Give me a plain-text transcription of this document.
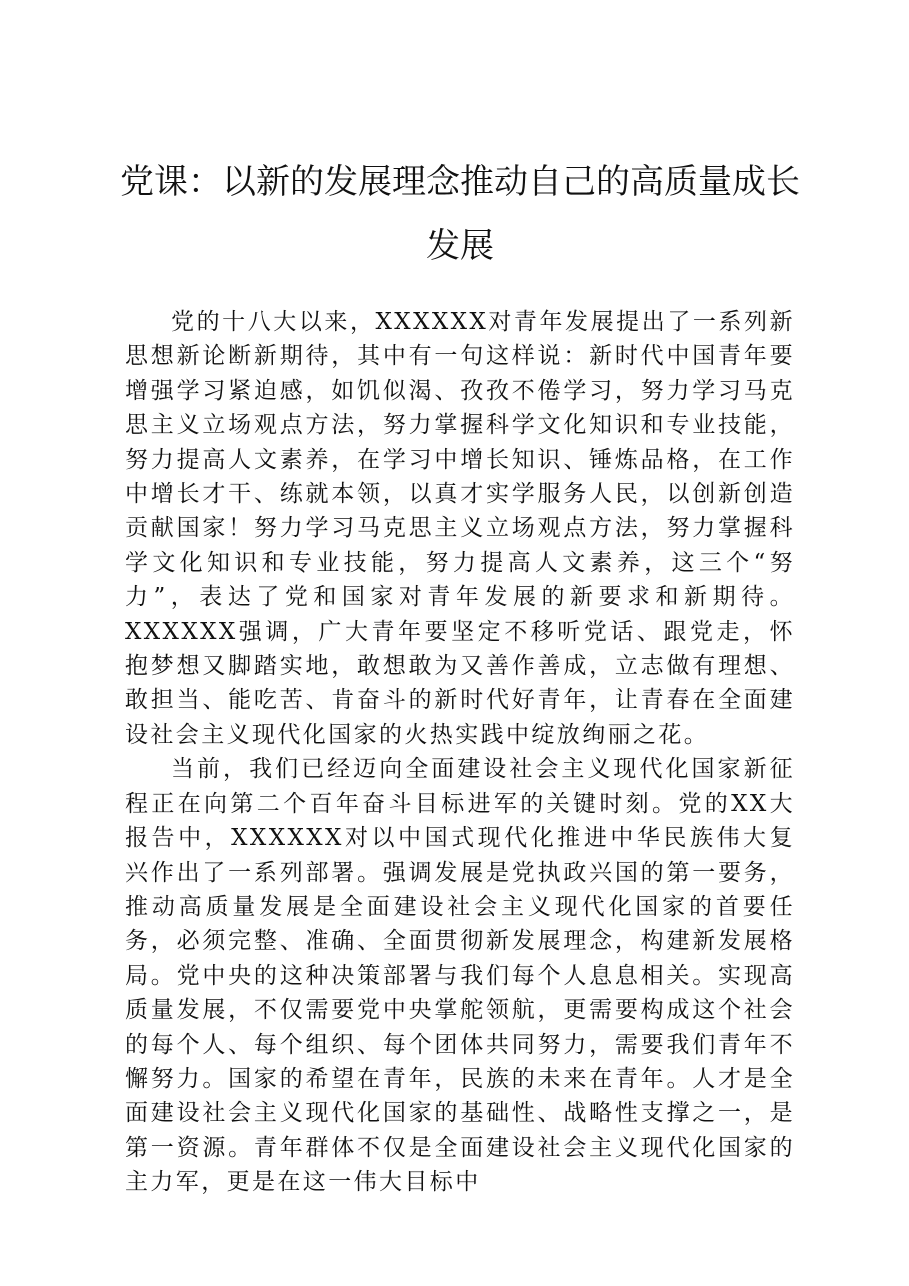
党课：以新的发展理念推动自己的高质量成长
发展

党的十八大以来，XXXXXX对青年发展提出了一系列新思想新论断新期待，其中有一句这样说：新时代中国青年要增强学习紧迫感，如饥似渴、孜孜不倦学习，努力学习马克思主义立场观点方法，努力掌握科学文化知识和专业技能，努力提高人文素养，在学习中增长知识、锤炼品格，在工作中增长才干、练就本领，以真才实学服务人民，以创新创造贡献国家！努力学习马克思主义立场观点方法，努力掌握科学文化知识和专业技能，努力提高人文素养，这三个“努力”，表达了党和国家对青年发展的新要求和新期待。XXXXXX强调，广大青年要坚定不移听党话、跟党走，怀抱梦想又脚踏实地，敢想敢为又善作善成，立志做有理想、敢担当、能吃苦、肯奋斗的新时代好青年，让青春在全面建设社会主义现代化国家的火热实践中绽放绚丽之花。

当前，我们已经迈向全面建设社会主义现代化国家新征程正在向第二个百年奋斗目标进军的关键时刻。党的XX大报告中，XXXXXX对以中国式现代化推进中华民族伟大复兴作出了一系列部署。强调发展是党执政兴国的第一要务，推动高质量发展是全面建设社会主义现代化国家的首要任务，必须完整、准确、全面贯彻新发展理念，构建新发展格局。党中央的这种决策部署与我们每个人息息相关。实现高质量发展，不仅需要党中央掌舵领航，更需要构成这个社会的每个人、每个组织、每个团体共同努力，需要我们青年不懈努力。国家的希望在青年，民族的未来在青年。人才是全面建设社会主义现代化国家的基础性、战略性支撑之一，是第一资源。青年群体不仅是全面建设社会主义现代化国家的主力军，更是在这一伟大目标中
